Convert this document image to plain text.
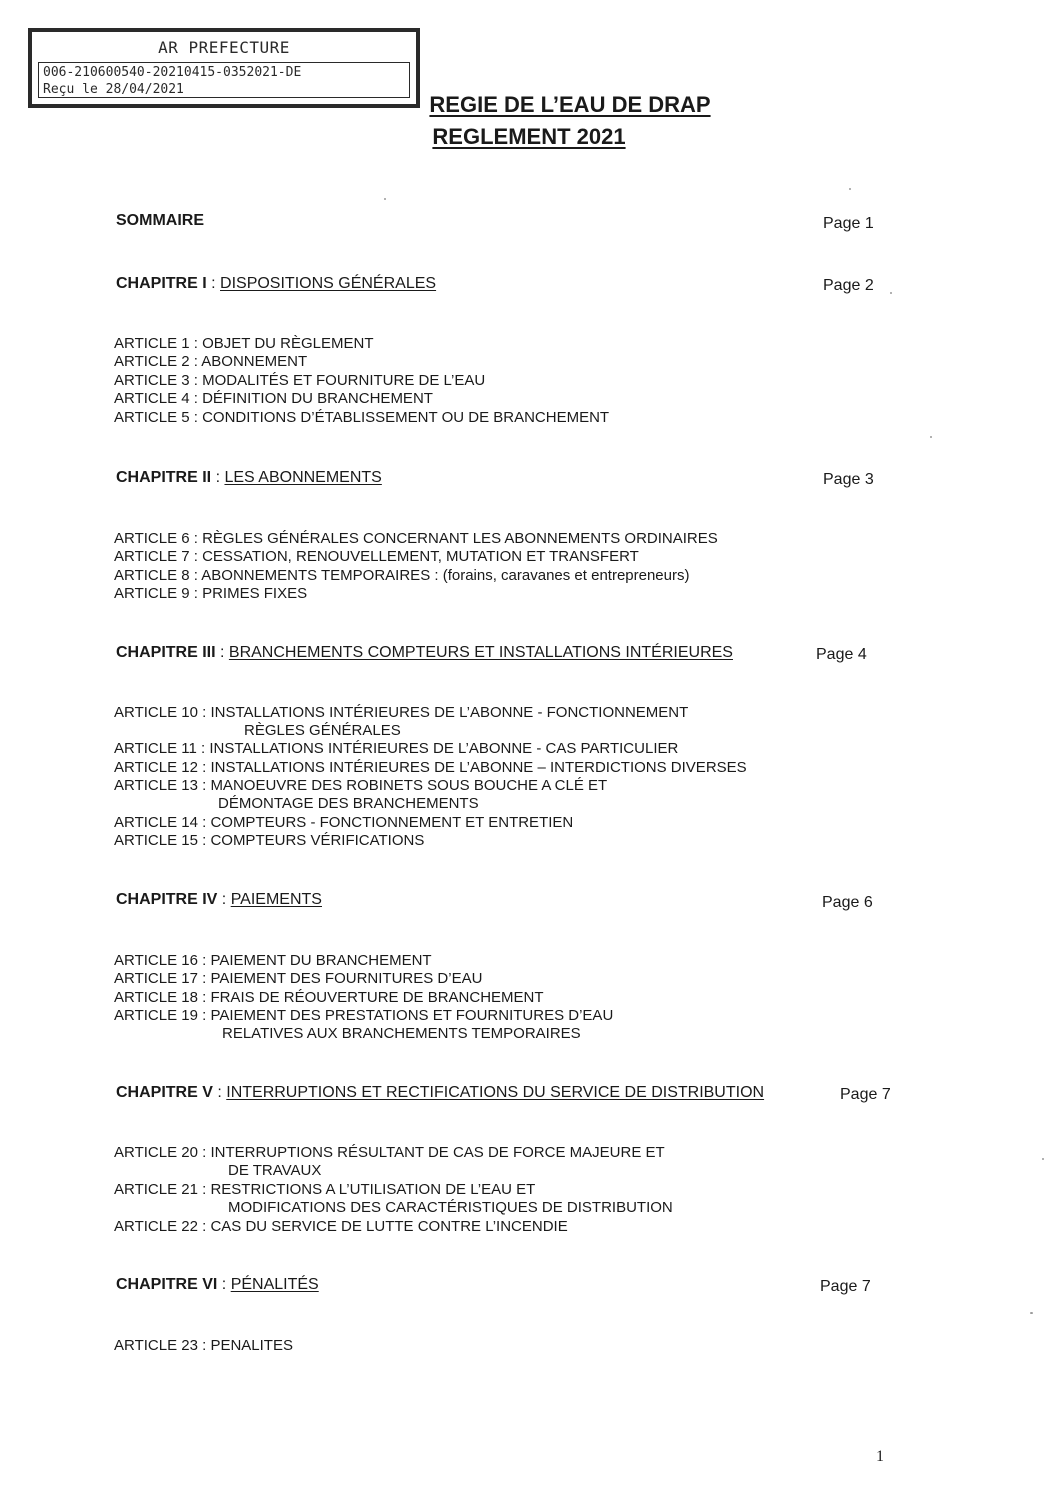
AR PREFECTURE
006-210600540-20210415-0352021-DE
Reçu le 28/04/2021
REGIE DE L’EAU DE DRAP
REGLEMENT 2021
SOMMAIRE	Page 1
CHAPITRE I : DISPOSITIONS GÉNÉRALES	Page 2
ARTICLE 1 : OBJET DU RÈGLEMENT
ARTICLE 2 : ABONNEMENT
ARTICLE 3 : MODALITÉS ET FOURNITURE DE L’EAU
ARTICLE 4 : DÉFINITION DU BRANCHEMENT
ARTICLE 5 : CONDITIONS D’ÉTABLISSEMENT OU DE BRANCHEMENT
CHAPITRE II : LES ABONNEMENTS	Page 3
ARTICLE 6 : RÈGLES GÉNÉRALES CONCERNANT LES ABONNEMENTS ORDINAIRES
ARTICLE 7 : CESSATION, RENOUVELLEMENT, MUTATION ET TRANSFERT
ARTICLE 8 : ABONNEMENTS TEMPORAIRES : (forains, caravanes et entrepreneurs)
ARTICLE 9 : PRIMES FIXES
CHAPITRE III : BRANCHEMENTS COMPTEURS ET INSTALLATIONS INTÉRIEURES	Page 4
ARTICLE 10 : INSTALLATIONS INTÉRIEURES DE L’ABONNE - FONCTIONNEMENT
RÈGLES GÉNÉRALES
ARTICLE 11 : INSTALLATIONS INTÉRIEURES DE L’ABONNE - CAS PARTICULIER
ARTICLE 12 : INSTALLATIONS INTÉRIEURES DE L’ABONNE – INTERDICTIONS DIVERSES
ARTICLE 13 : MANOEUVRE DES ROBINETS SOUS BOUCHE A CLÉ ET
DÉMONTAGE DES BRANCHEMENTS
ARTICLE 14 : COMPTEURS - FONCTIONNEMENT ET ENTRETIEN
ARTICLE 15 : COMPTEURS VÉRIFICATIONS
CHAPITRE IV : PAIEMENTS	Page 6
ARTICLE 16 : PAIEMENT DU BRANCHEMENT
ARTICLE 17 : PAIEMENT DES FOURNITURES D’EAU
ARTICLE 18 : FRAIS DE RÉOUVERTURE DE BRANCHEMENT
ARTICLE 19 : PAIEMENT DES PRESTATIONS ET FOURNITURES D’EAU
RELATIVES AUX BRANCHEMENTS TEMPORAIRES
CHAPITRE V : INTERRUPTIONS ET RECTIFICATIONS DU SERVICE DE DISTRIBUTION	Page 7
ARTICLE 20 : INTERRUPTIONS RÉSULTANT DE CAS DE FORCE MAJEURE ET
DE TRAVAUX
ARTICLE 21 : RESTRICTIONS A L’UTILISATION DE L’EAU ET
MODIFICATIONS DES CARACTÉRISTIQUES DE DISTRIBUTION
ARTICLE 22 : CAS DU SERVICE DE LUTTE CONTRE L’INCENDIE
CHAPITRE VI : PÉNALITÉS	Page 7
ARTICLE 23 : PENALITES
1
